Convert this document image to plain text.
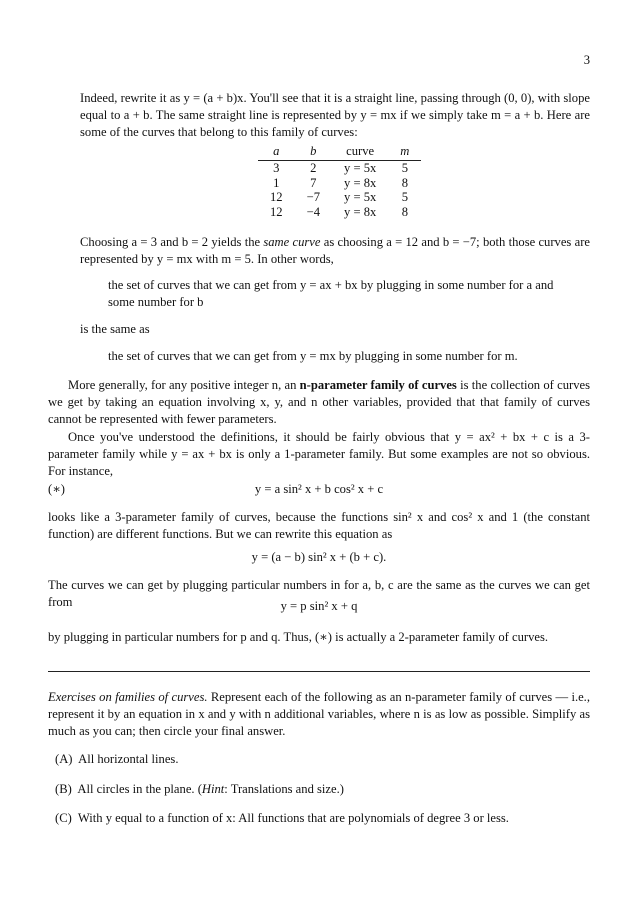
3

Indeed, rewrite it as y = (a + b)x. You'll see that it is a straight line, passing through (0, 0), with slope equal to a + b. The same straight line is represented by y = mx if we simply take m = a + b. Here are some of the curves that belong to this family of curves:

a	b	curve	m
3	2	y = 5x	5
1	7	y = 8x	8
12	−7	y = 5x	5
12	−4	y = 8x	8

Choosing a = 3 and b = 2 yields the same curve as choosing a = 12 and b = −7; both those curves are represented by y = mx with m = 5. In other words,

the set of curves that we can get from y = ax + bx by plugging in some number for a and some number for b

is the same as

the set of curves that we can get from y = mx by plugging in some number for m.

More generally, for any positive integer n, an n-parameter family of curves is the collection of curves we get by taking an equation involving x, y, and n other variables, provided that that family of curves cannot be represented with fewer parameters.

Once you've understood the definitions, it should be fairly obvious that y = ax² + bx + c is a 3-parameter family while y = ax + bx is only a 1-parameter family. But some examples are not so obvious. For instance,

(∗)	y = a sin² x + b cos² x + c

looks like a 3-parameter family of curves, because the functions sin² x and cos² x and 1 (the constant function) are different functions. But we can rewrite this equation as

y = (a − b) sin² x + (b + c).

The curves we can get by plugging particular numbers in for a, b, c are the same as the curves we can get from	y = p sin² x + q

by plugging in particular numbers for p and q. Thus, (∗) is actually a 2-parameter family of curves.

Exercises on families of curves. Represent each of the following as an n-parameter family of curves — i.e., represent it by an equation in x and y with n additional variables, where n is as low as possible. Simplify as much as you can; then circle your final answer.

(A) All horizontal lines.

(B) All circles in the plane. (Hint: Translations and size.)

(C) With y equal to a function of x: All functions that are polynomials of degree 3 or less.
